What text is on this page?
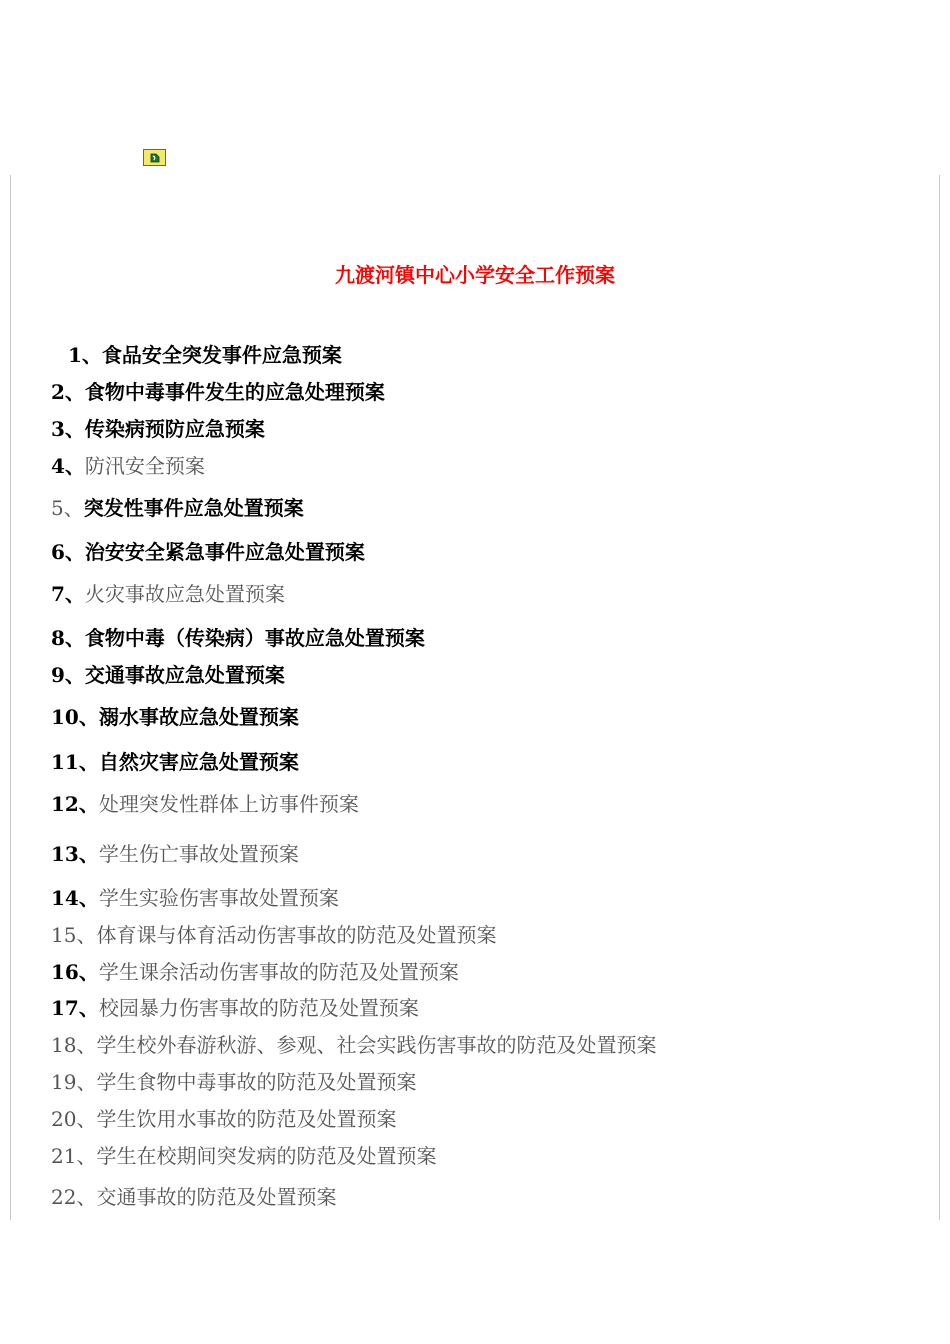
九渡河镇中心小学安全工作预案
1、食品安全突发事件应急预案
2、食物中毒事件发生的应急处理预案
3、传染病预防应急预案
4、防汛安全预案
5、突发性事件应急处置预案
6、治安安全紧急事件应急处置预案
7、火灾事故应急处置预案
8、食物中毒（传染病）事故应急处置预案
9、交通事故应急处置预案
10、溺水事故应急处置预案
11、自然灾害应急处置预案
12、处理突发性群体上访事件预案
13、学生伤亡事故处置预案
14、学生实验伤害事故处置预案
15、体育课与体育活动伤害事故的防范及处置预案
16、学生课余活动伤害事故的防范及处置预案
17、校园暴力伤害事故的防范及处置预案
18、学生校外春游秋游、参观、社会实践伤害事故的防范及处置预案
19、学生食物中毒事故的防范及处置预案
20、学生饮用水事故的防范及处置预案
21、学生在校期间突发病的防范及处置预案
22、交通事故的防范及处置预案
